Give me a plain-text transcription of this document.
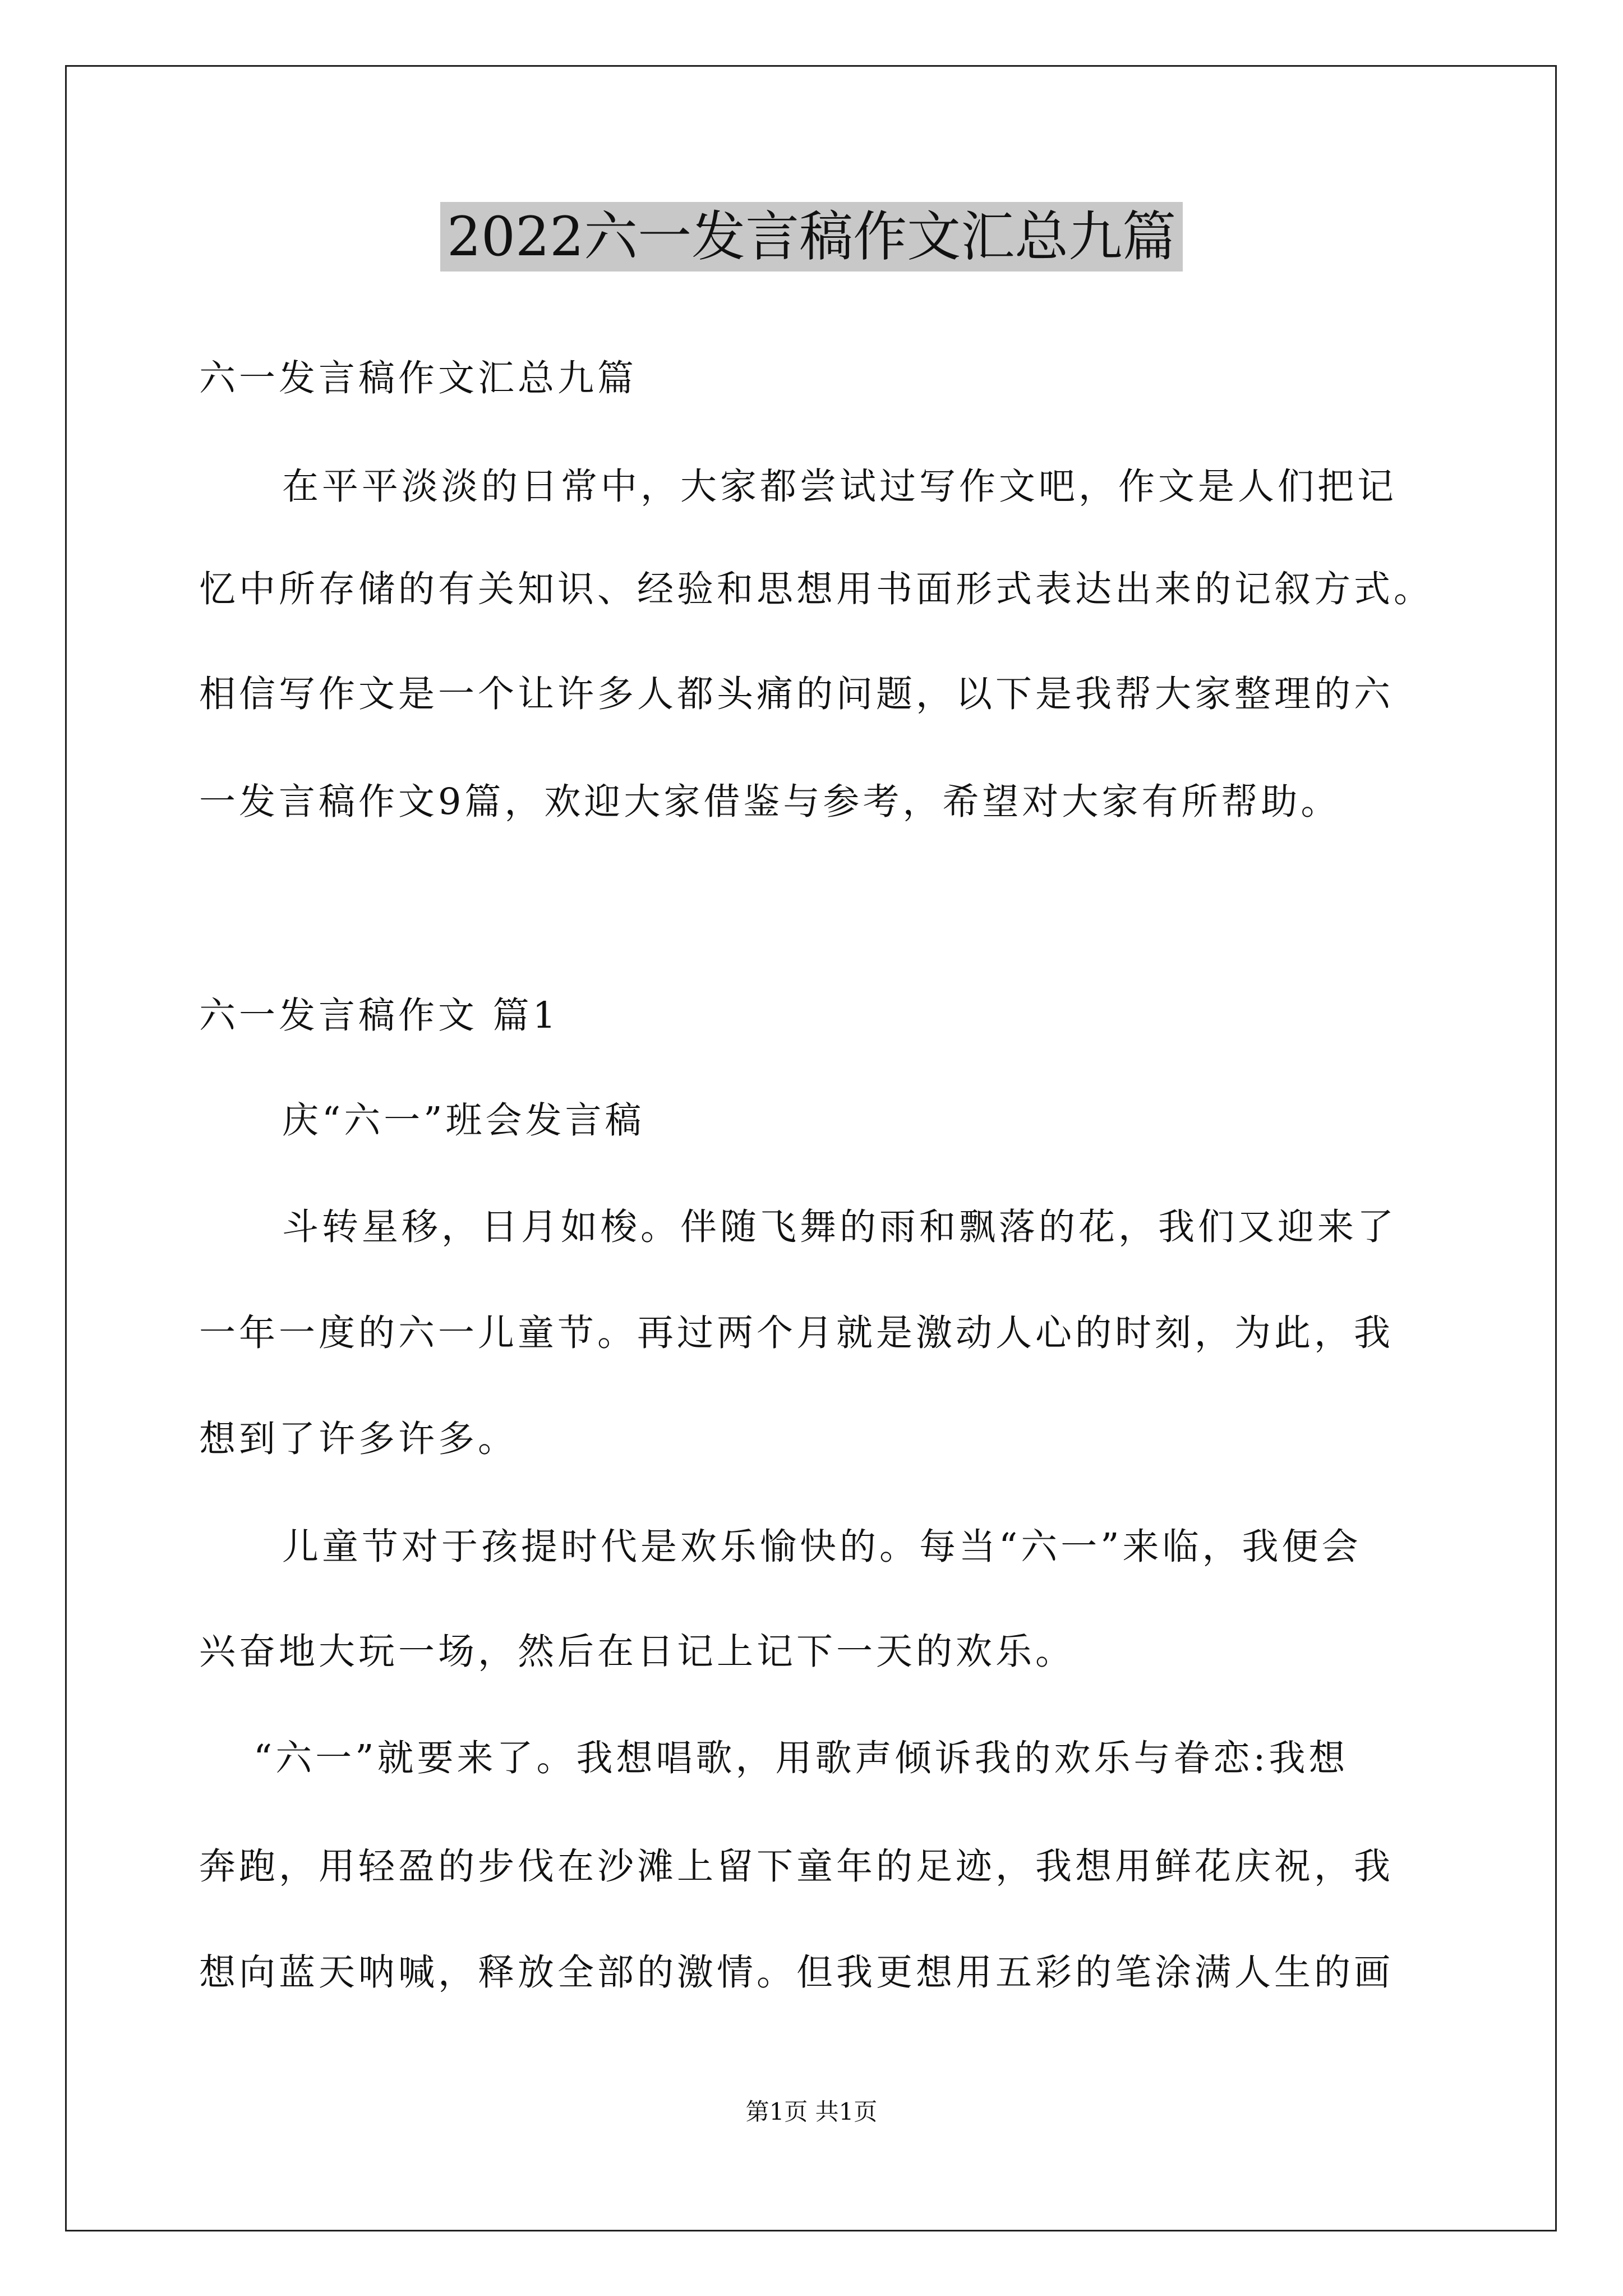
2022六一发言稿作文汇总九篇
六一发言稿作文汇总九篇
在平平淡淡的日常中，大家都尝试过写作文吧，作文是人们把记
忆中所存储的有关知识、经验和思想用书面形式表达出来的记叙方式。
相信写作文是一个让许多人都头痛的问题，以下是我帮大家整理的六
一发言稿作文9篇，欢迎大家借鉴与参考，希望对大家有所帮助。
六一发言稿作文 篇1
庆“六一”班会发言稿
斗转星移，日月如梭。伴随飞舞的雨和飘落的花，我们又迎来了
一年一度的六一儿童节。再过两个月就是激动人心的时刻，为此，我
想到了许多许多。
儿童节对于孩提时代是欢乐愉快的。每当“六一”来临，我便会
兴奋地大玩一场，然后在日记上记下一天的欢乐。
“六一”就要来了。我想唱歌，用歌声倾诉我的欢乐与眷恋:我想
奔跑，用轻盈的步伐在沙滩上留下童年的足迹，我想用鲜花庆祝，我
想向蓝天呐喊，释放全部的激情。但我更想用五彩的笔涂满人生的画
第1页 共1页
